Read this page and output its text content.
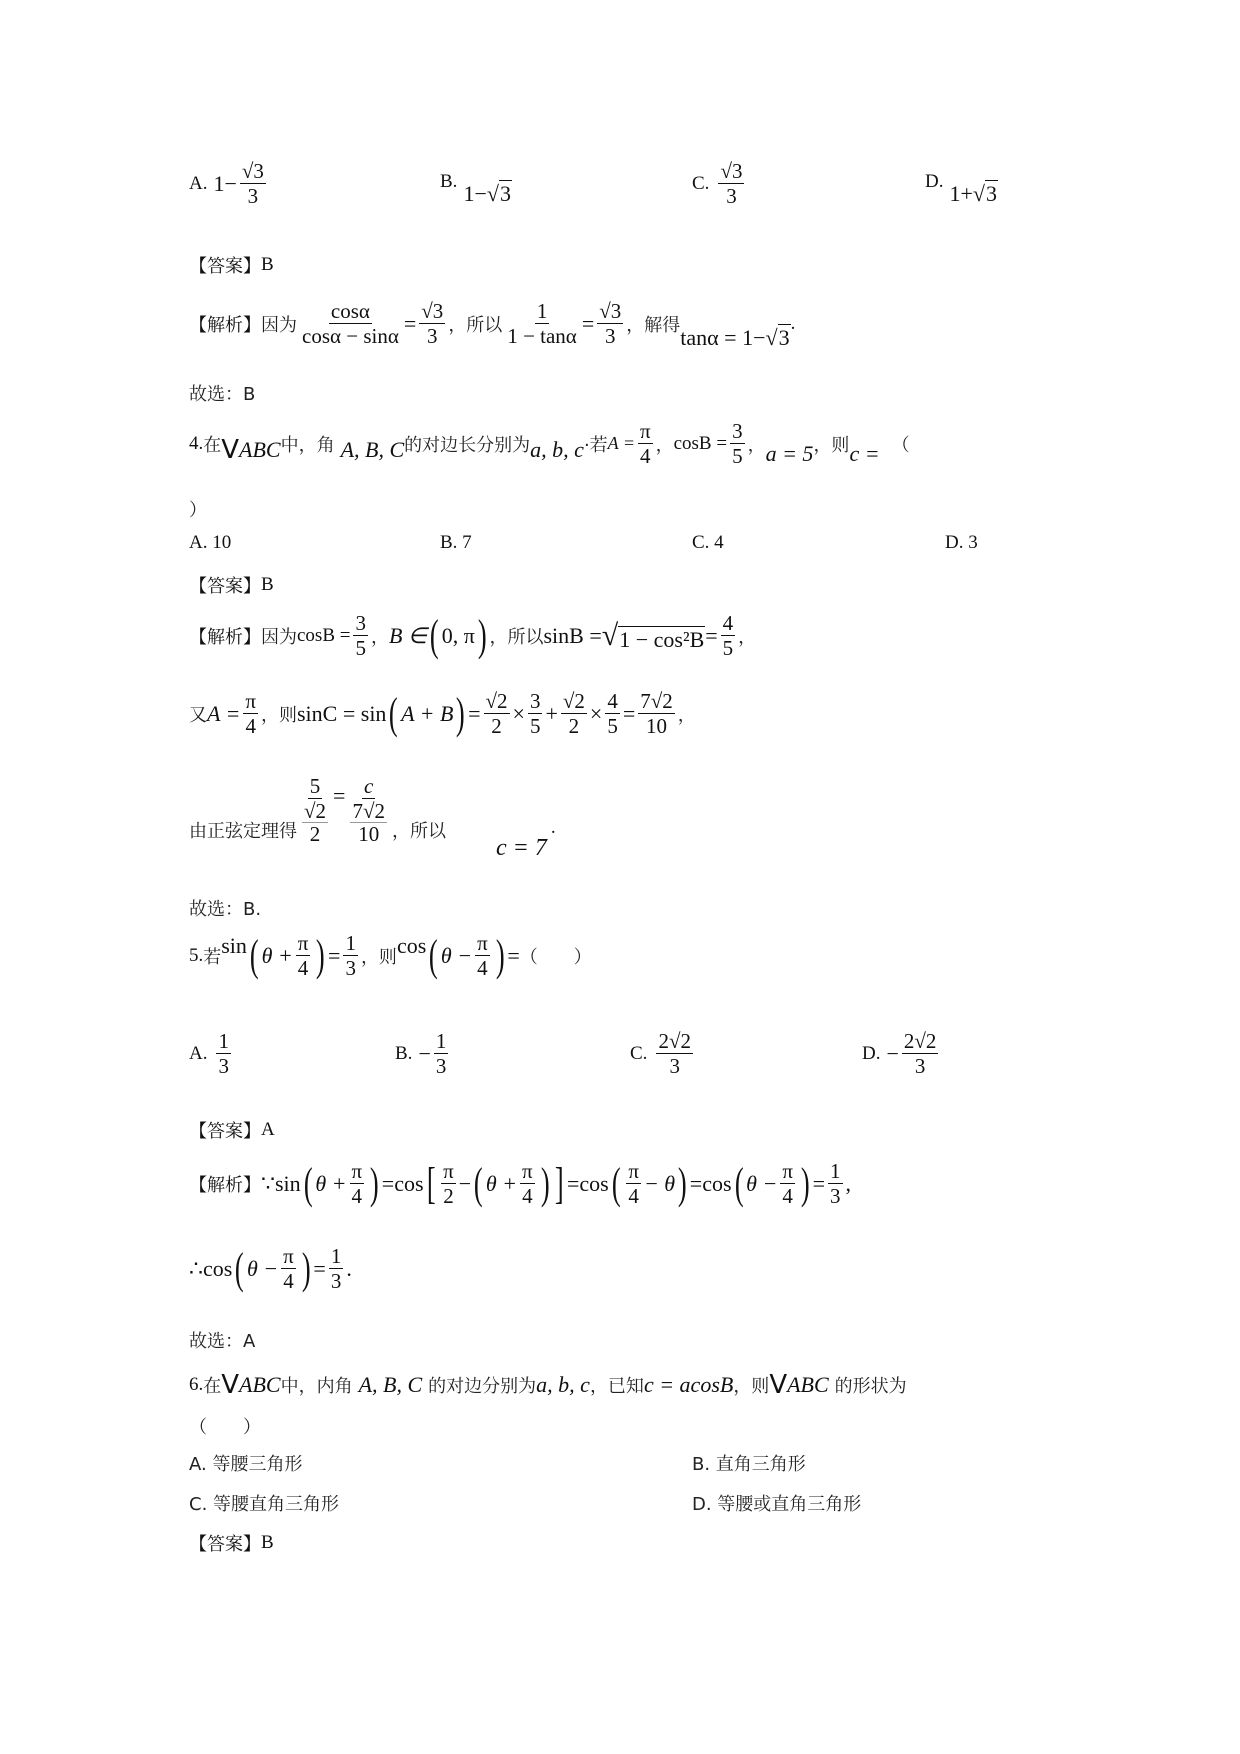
A. $1- \frac{√3}{3}$	B. 1− √ 3	C. $\frac{√3}{3}$	D. 1+ √ 3
【答案】 B
【解析】 因为 $\frac{\cos\alpha}{\cos\alpha - \sin\alpha} = \frac{√3}{3}$ ，所以 $\frac{1}{1 - \tan\alpha} = \frac{√3}{3}$ ，解得 tanα = 1− √ 3
.
故选：B
4. 在 V ABC 中，角 A, B, C 的对边长分别为 a, b, c ·若 $A = \frac{\pi}{4}$ ， $\cos B = \frac{3}{5}$ ， a = 5 ，则 c = （
）
A. 10	B. 7	C. 4	D. 3
【答案】 B
【解析】 因为 $\cos B = \frac{3}{5}$ ， B ∈ ( 0, π ) ，所以 sinB = √ $1 - \cos^2B = \frac{4}{5}$ ，
又 $A = \frac{\pi}{4}$ ，则 sinC = sin ( A + B ) = $\frac{√2}{2} \times \frac{3}{5} + \frac{√2}{2} \times \frac{4}{5} = \frac{7√2}{10}$ ，
由正弦定理得 $\frac{5}{\frac{√2}{2}} = \frac{c}{\frac{7√2}{10}}$ ，所以
c = 7
.
故选：B.
5. 若 sin ( $\theta + \frac{\pi}{4}$ ) = $\frac{1}{3}$ ，则 cos ( $\theta - \frac{\pi}{4}$ ) = （　　）
A. $\frac{1}{3}$	B. − $\frac{1}{3}$	C. $\frac{2√2}{3}$	D. − $\frac{2√2}{3}$
【答案】 A
【解析】 ∵ sin ( $\theta + \frac{\pi}{4}$ ) = cos [ $\frac{\pi}{2}$ − ( $\theta + \frac{\pi}{4}$ ) ] = cos ( $\frac{\pi}{4} - \theta$ ) = cos ( $\theta - \frac{\pi}{4}$ ) = $\frac{1}{3}$ ,
∴ cos ( $\theta - \frac{\pi}{4}$ ) = $\frac{1}{3}$ .
故选：A
6. 在 V ABC 中，内角 A, B, C 的对边分别为 a, b, c ，已知 c = acosB ，则 V ABC 的形状为
（　　）
A. 等腰三角形	B. 直角三角形
C. 等腰直角三角形	D. 等腰或直角三角形
【答案】 B
